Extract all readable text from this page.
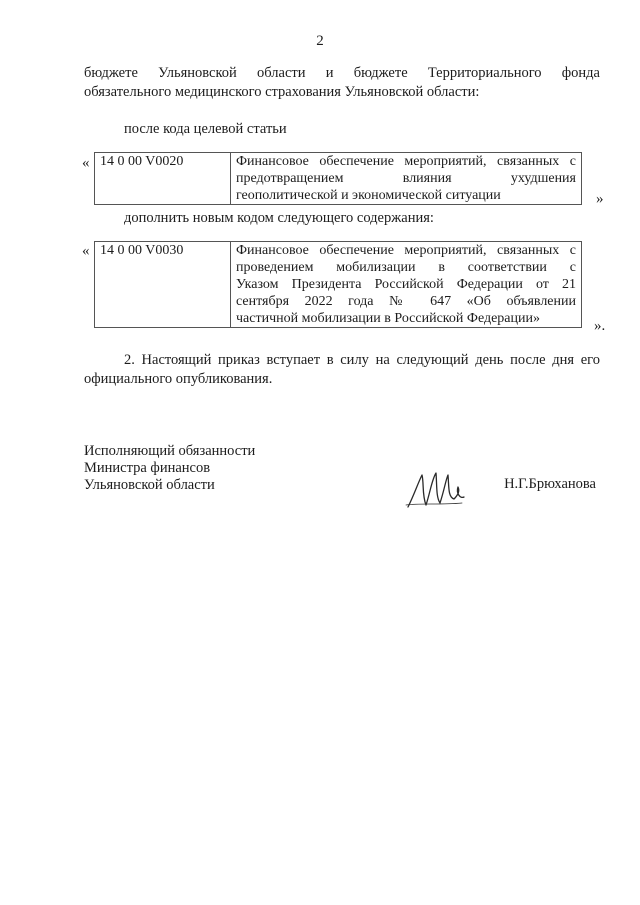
2
бюджете Ульяновской области и бюджете Территориального фонда
обязательного медицинского страхования Ульяновской области:
после кода целевой статьи
« 14 0 00 V0020	Финансовое обеспечение мероприятий, связанных с
предотвращением влияния ухудшения
геополитической и экономической ситуации	»
дополнить новым кодом следующего содержания:
« 14 0 00 V0030	Финансовое обеспечение мероприятий, связанных с
проведением мобилизации в соответствии с
Указом Президента Российской Федерации от 21
сентября 2022 года № 647 «Об объявлении
частичной мобилизации в Российской Федерации»	».
2. Настоящий приказ вступает в силу на следующий день после дня его
официального опубликования.
Исполняющий обязанности
Министра финансов
Ульяновской области	Н.Г.Брюханова
